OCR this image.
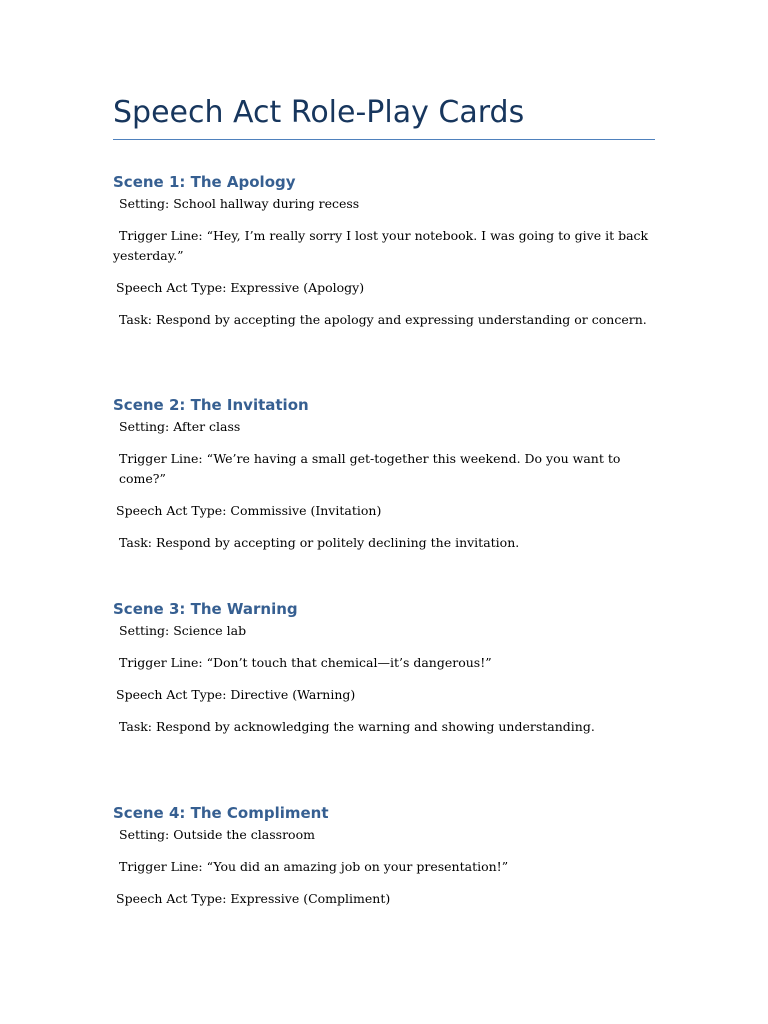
Speech Act Role-Play Cards
Scene 1: The Apology
Setting: School hallway during recess
Trigger Line: “Hey, I’m really sorry I lost your notebook. I was going to give it back yesterday.”
Speech Act Type: Expressive (Apology)
Task: Respond by accepting the apology and expressing understanding or concern.
Scene 2: The Invitation
Setting: After class
Trigger Line: “We’re having a small get-together this weekend. Do you want to come?”
Speech Act Type: Commissive (Invitation)
Task: Respond by accepting or politely declining the invitation.
Scene 3: The Warning
Setting: Science lab
Trigger Line: “Don’t touch that chemical—it’s dangerous!”
Speech Act Type: Directive (Warning)
Task: Respond by acknowledging the warning and showing understanding.
Scene 4: The Compliment
Setting: Outside the classroom
Trigger Line: “You did an amazing job on your presentation!”
Speech Act Type: Expressive (Compliment)
